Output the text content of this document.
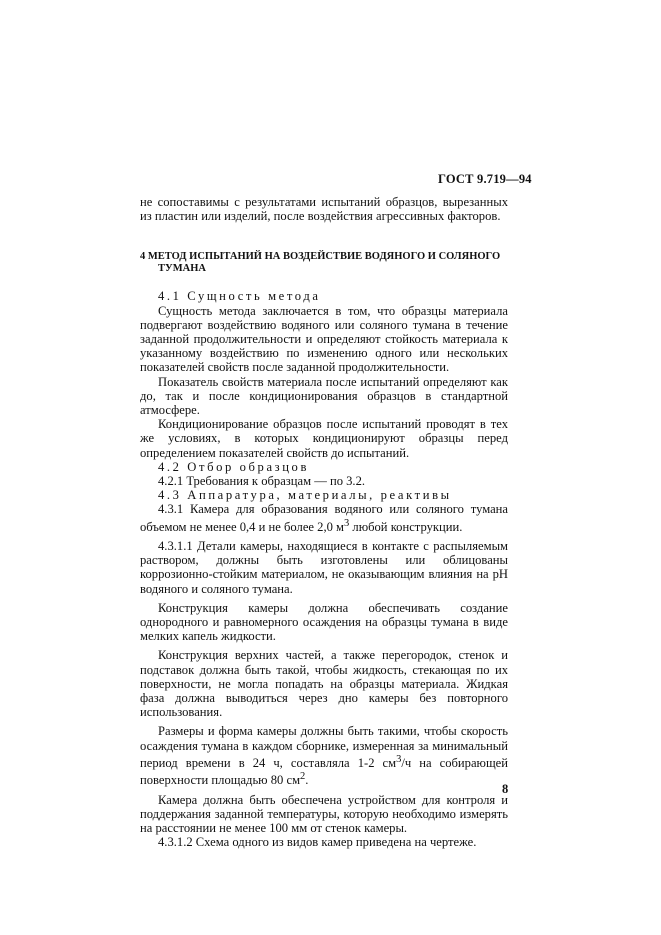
ГОСТ 9.719—94

не сопоставимы с результатами испытаний образцов, вырезанных из пластин или изделий, после воздействия агрессивных факторов.

4 МЕТОД ИСПЫТАНИЙ НА ВОЗДЕЙСТВИЕ ВОДЯНОГО И СОЛЯНОГО ТУМАНА

4.1 Сущность метода

Сущность метода заключается в том, что образцы материала подвергают воздействию водяного или соляного тумана в течение заданной продолжительности и определяют стойкость материала к указанному воздействию по изменению одного или нескольких показателей свойств после заданной продолжительности.

Показатель свойств материала после испытаний определяют как до, так и после кондиционирования образцов в стандартной атмосфере.

Кондиционирование образцов после испытаний проводят в тех же условиях, в которых кондиционируют образцы перед определением показателей свойств до испытаний.

4.2 Отбор образцов

4.2.1 Требования к образцам — по 3.2.

4.3 Аппаратура, материалы, реактивы

4.3.1 Камера для образования водяного или соляного тумана объемом не менее 0,4 и не более 2,0 $м^3$ любой конструкции.

4.3.1.1 Детали камеры, находящиеся в контакте с распыляемым раствором, должны быть изготовлены или облицованы коррозионно-стойким материалом, не оказывающим влияния на pH водяного и соляного тумана.

Конструкция камеры должна обеспечивать создание однородного и равномерного осаждения на образцы тумана в виде мелких капель жидкости.

Конструкция верхних частей, а также перегородок, стенок и подставок должна быть такой, чтобы жидкость, стекающая по их поверхности, не могла попадать на образцы материала. Жидкая фаза должна выводиться через дно камеры без повторного использования.

Размеры и форма камеры должны быть такими, чтобы скорость осаждения тумана в каждом сборнике, измеренная за минимальный период времени в 24 ч, составляла 1-2 $см^3/ч$ на собирающей поверхности площадью 80 $см^2$.

Камера должна быть обеспечена устройством для контроля и поддержания заданной температуры, которую необходимо измерять на расстоянии не менее 100 мм от стенок камеры.

4.3.1.2 Схема одного из видов камер приведена на чертеже.

8
